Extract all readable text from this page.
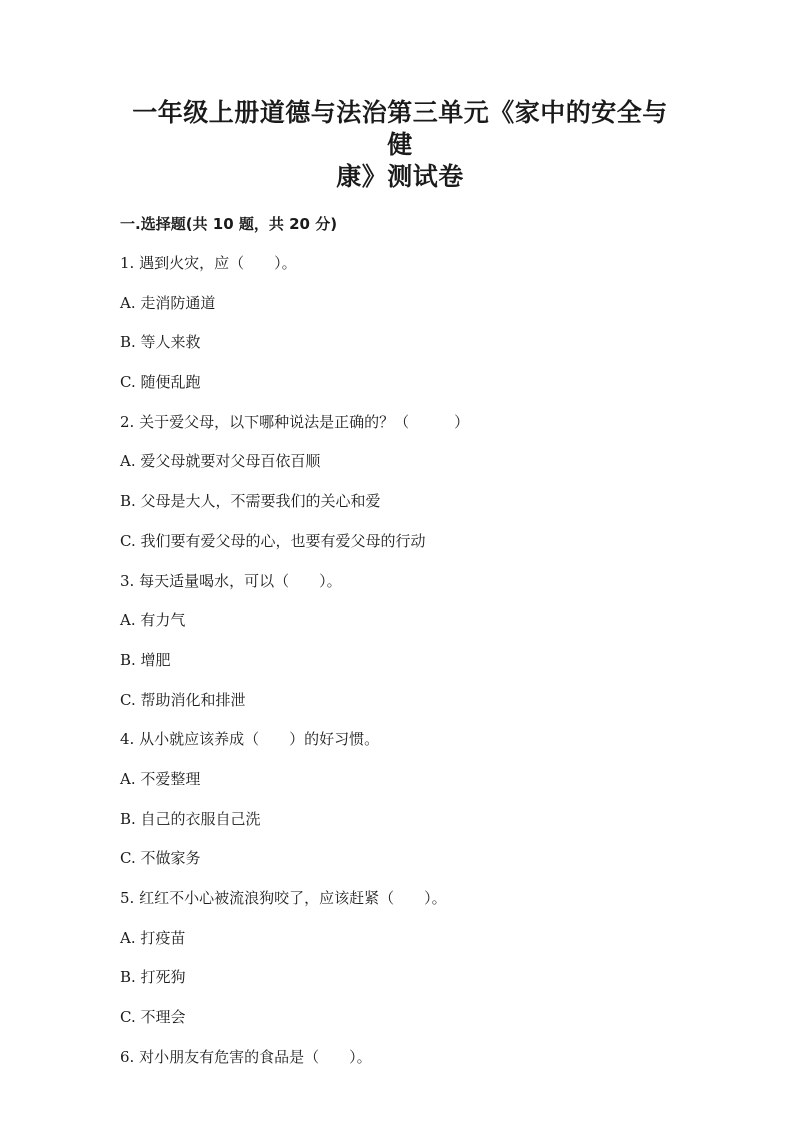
一年级上册道德与法治第三单元《家中的安全与健
康》测试卷
一.选择题(共 10 题，共 20 分)
1. 遇到火灾，应（　　）。
A. 走消防通道
B. 等人来救
C. 随便乱跑
2. 关于爱父母，以下哪种说法是正确的？（　　　）
A. 爱父母就要对父母百依百顺
B. 父母是大人，不需要我们的关心和爱
C. 我们要有爱父母的心，也要有爱父母的行动
3. 每天适量喝水，可以（　　）。
A. 有力气
B. 增肥
C. 帮助消化和排泄
4. 从小就应该养成（　　）的好习惯。
A. 不爱整理
B. 自己的衣服自己洗
C. 不做家务
5. 红红不小心被流浪狗咬了，应该赶紧（　　）。
A. 打疫苗
B. 打死狗
C. 不理会
6. 对小朋友有危害的食品是（　　）。
